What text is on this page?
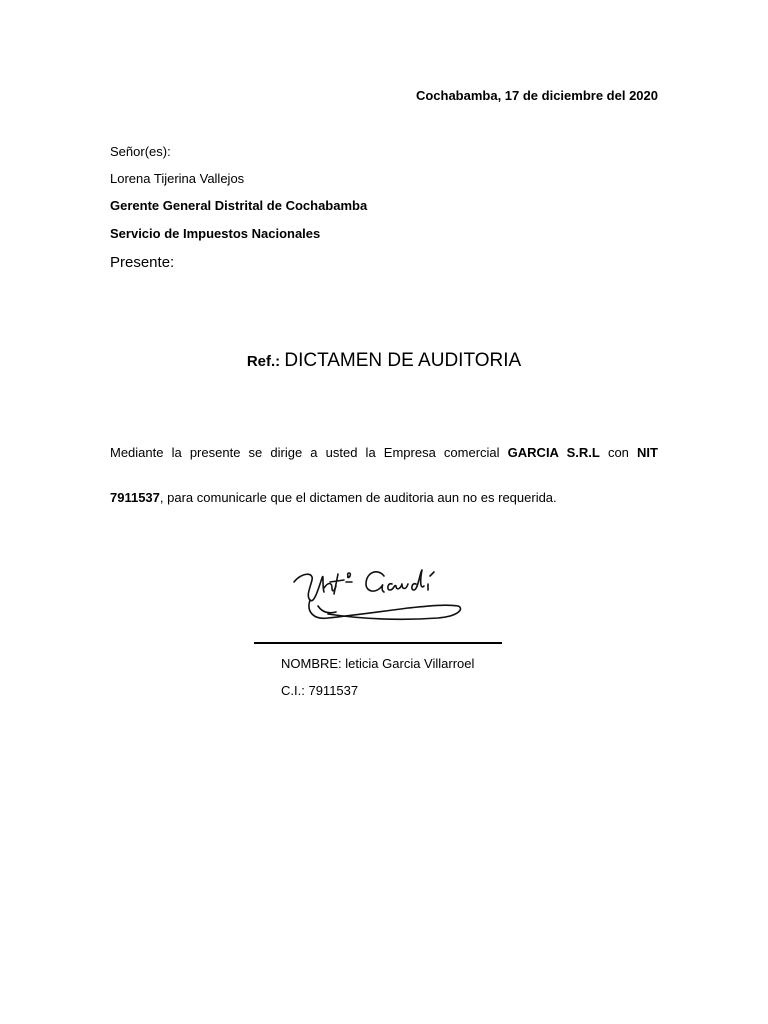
Cochabamba, 17 de diciembre del 2020
Señor(es):
Lorena Tijerina Vallejos
Gerente General Distrital de Cochabamba
Servicio de Impuestos Nacionales
Presente:
Ref.: DICTAMEN DE AUDITORIA
Mediante la presente se dirige a usted la Empresa comercial GARCIA S.R.L con NIT
7911537, para comunicarle que el dictamen de auditoria aun no es requerida.
Ant. Gaudí
NOMBRE: leticia Garcia Villarroel
C.I.: 7911537
